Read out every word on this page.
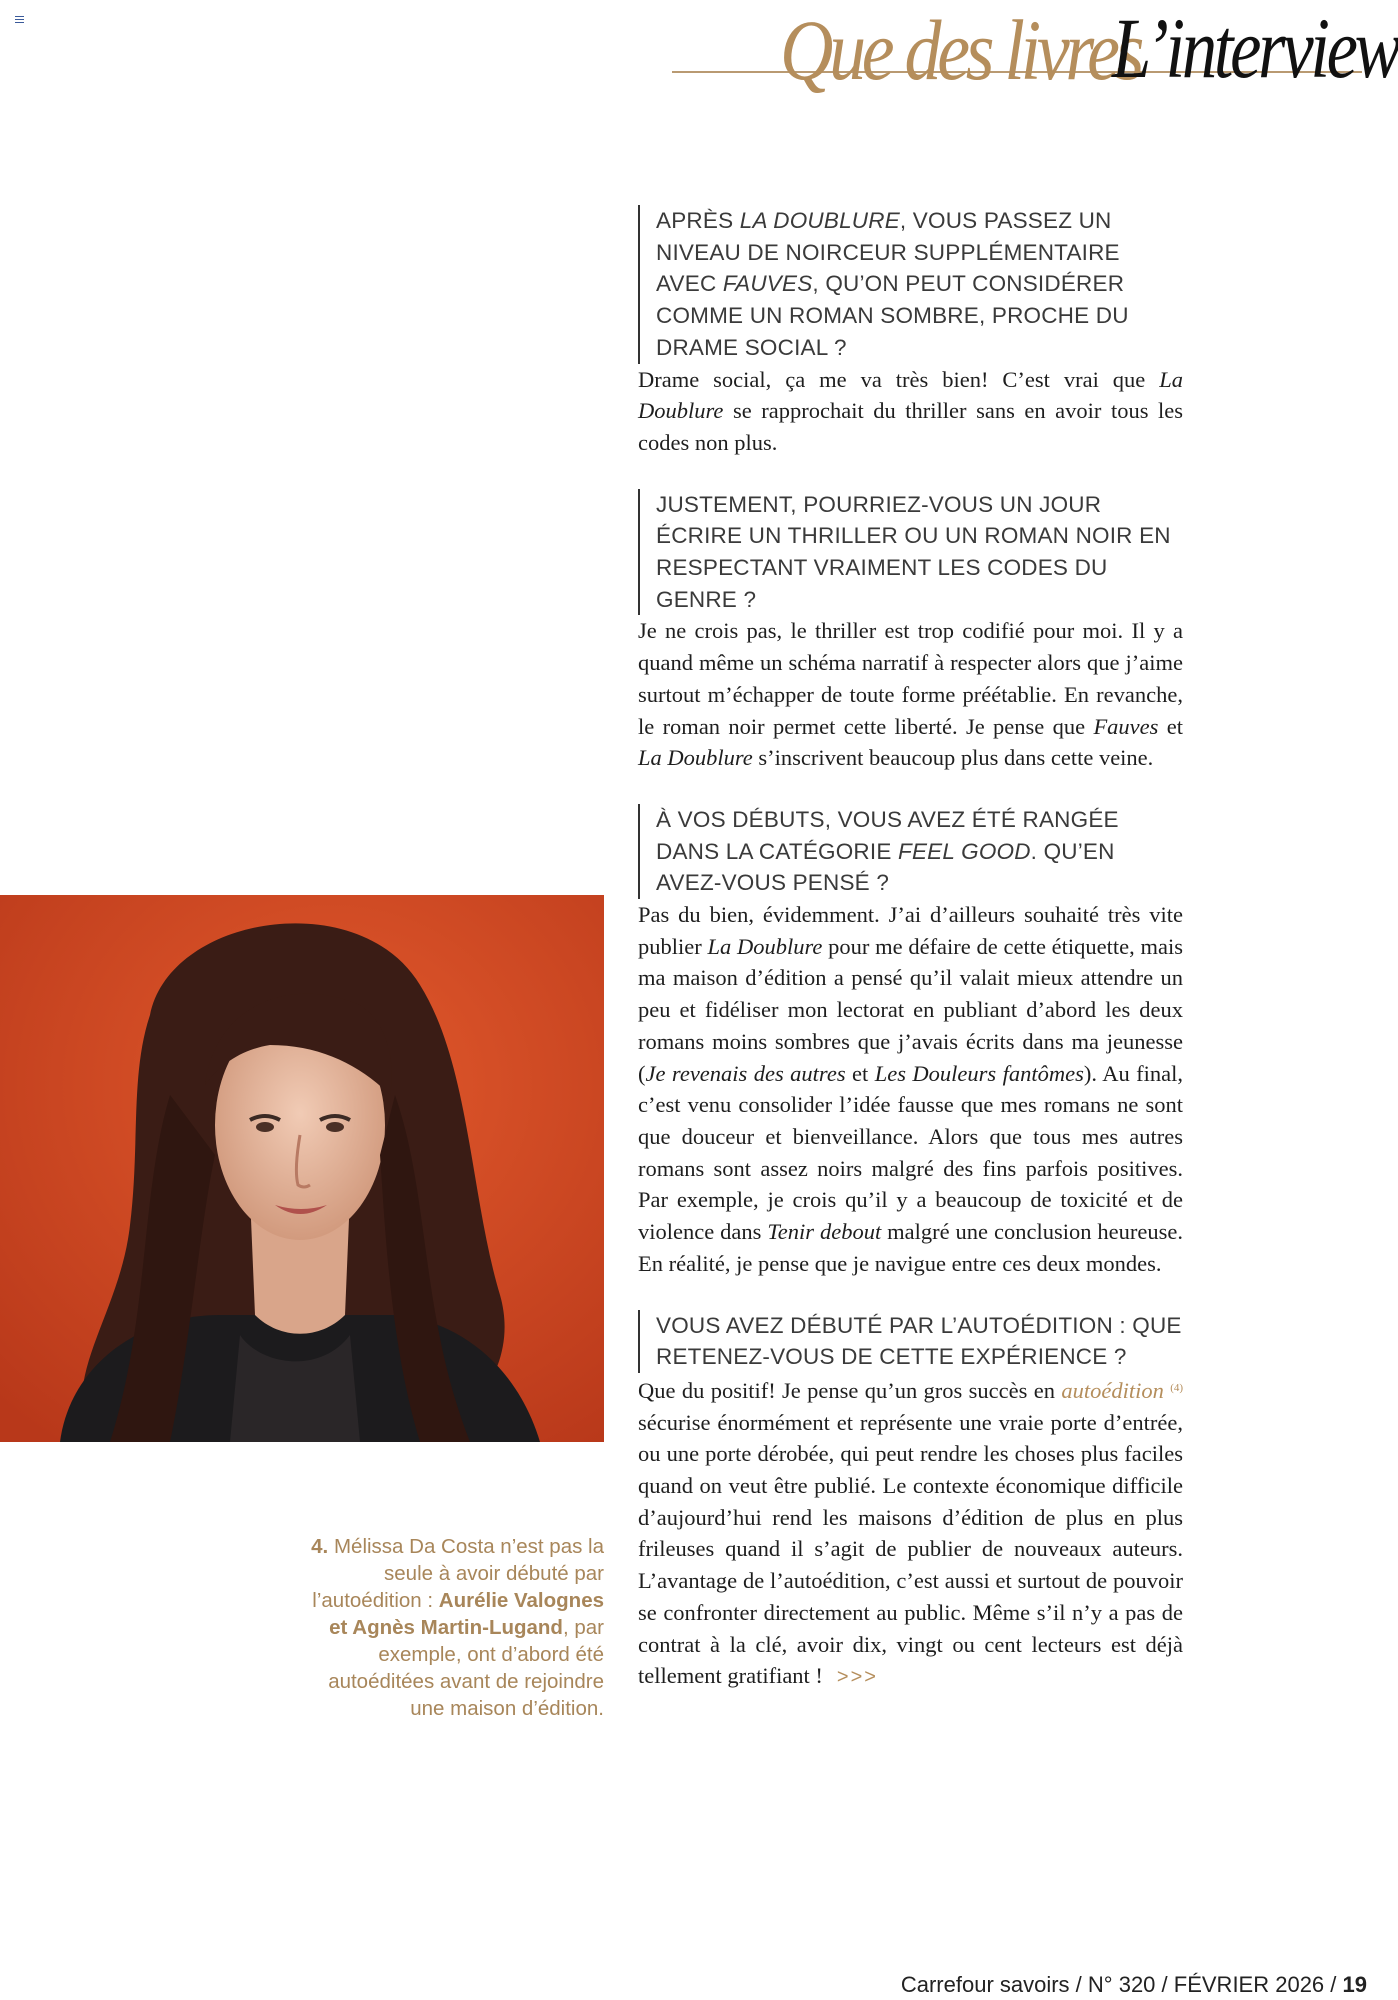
Que des livres
L’interview
APRÈS LA DOUBLURE, VOUS PASSEZ UN NIVEAU DE NOIRCEUR SUPPLÉMENTAIRE AVEC FAUVES, QU’ON PEUT CONSIDÉRER COMME UN ROMAN SOMBRE, PROCHE DU DRAME SOCIAL ?

Drame social, ça me va très bien! C’est vrai que La Doublure se rapprochait du thriller sans en avoir tous les codes non plus.

JUSTEMENT, POURRIEZ-VOUS UN JOUR ÉCRIRE UN THRILLER OU UN ROMAN NOIR EN RESPECTANT VRAIMENT LES CODES DU GENRE ?

Je ne crois pas, le thriller est trop codifié pour moi. Il y a quand même un schéma narratif à respecter alors que j’aime surtout m’échapper de toute forme préétablie. En revanche, le roman noir permet cette liberté. Je pense que Fauves et La Doublure s’inscrivent beaucoup plus dans cette veine.

À VOS DÉBUTS, VOUS AVEZ ÉTÉ RANGÉE DANS LA CATÉGORIE FEEL GOOD. QU’EN AVEZ-VOUS PENSÉ ?

Pas du bien, évidemment. J’ai d’ailleurs souhaité très vite publier La Doublure pour me défaire de cette étiquette, mais ma maison d’édition a pensé qu’il valait mieux attendre un peu et fidéliser mon lectorat en publiant d’abord les deux romans moins sombres que j’avais écrits dans ma jeunesse (Je revenais des autres et Les Douleurs fantômes). Au final, c’est venu consolider l’idée fausse que mes romans ne sont que douceur et bienveillance. Alors que tous mes autres romans sont assez noirs malgré des fins parfois positives. Par exemple, je crois qu’il y a beaucoup de toxicité et de violence dans Tenir debout malgré une conclusion heureuse. En réalité, je pense que je navigue entre ces deux mondes.

VOUS AVEZ DÉBUTÉ PAR L’AUTOÉDITION : QUE RETENEZ-VOUS DE CETTE EXPÉRIENCE ?

Que du positif! Je pense qu’un gros succès en autoédition $^{(4)}$ sécurise énormément et représente une vraie porte d’entrée, ou une porte dérobée, qui peut rendre les choses plus faciles quand on veut être publié. Le contexte économique difficile d’aujourd’hui rend les maisons d’édition de plus en plus frileuses quand il s’agit de publier de nouveaux auteurs. L’avantage de l’autoédition, c’est aussi et surtout de pouvoir se confronter directement au public. Même s’il n’y a pas de contrat à la clé, avoir dix, vingt ou cent lecteurs est déjà tellement gratifiant ! >>>

4. Mélissa Da Costa n’est pas la seule à avoir débuté par l’autoédition : Aurélie Valognes et Agnès Martin-Lugand, par exemple, ont d’abord été autoéditées avant de rejoindre une maison d’édition.
Carrefour savoirs / N° 320 / FÉVRIER 2026 / 19
